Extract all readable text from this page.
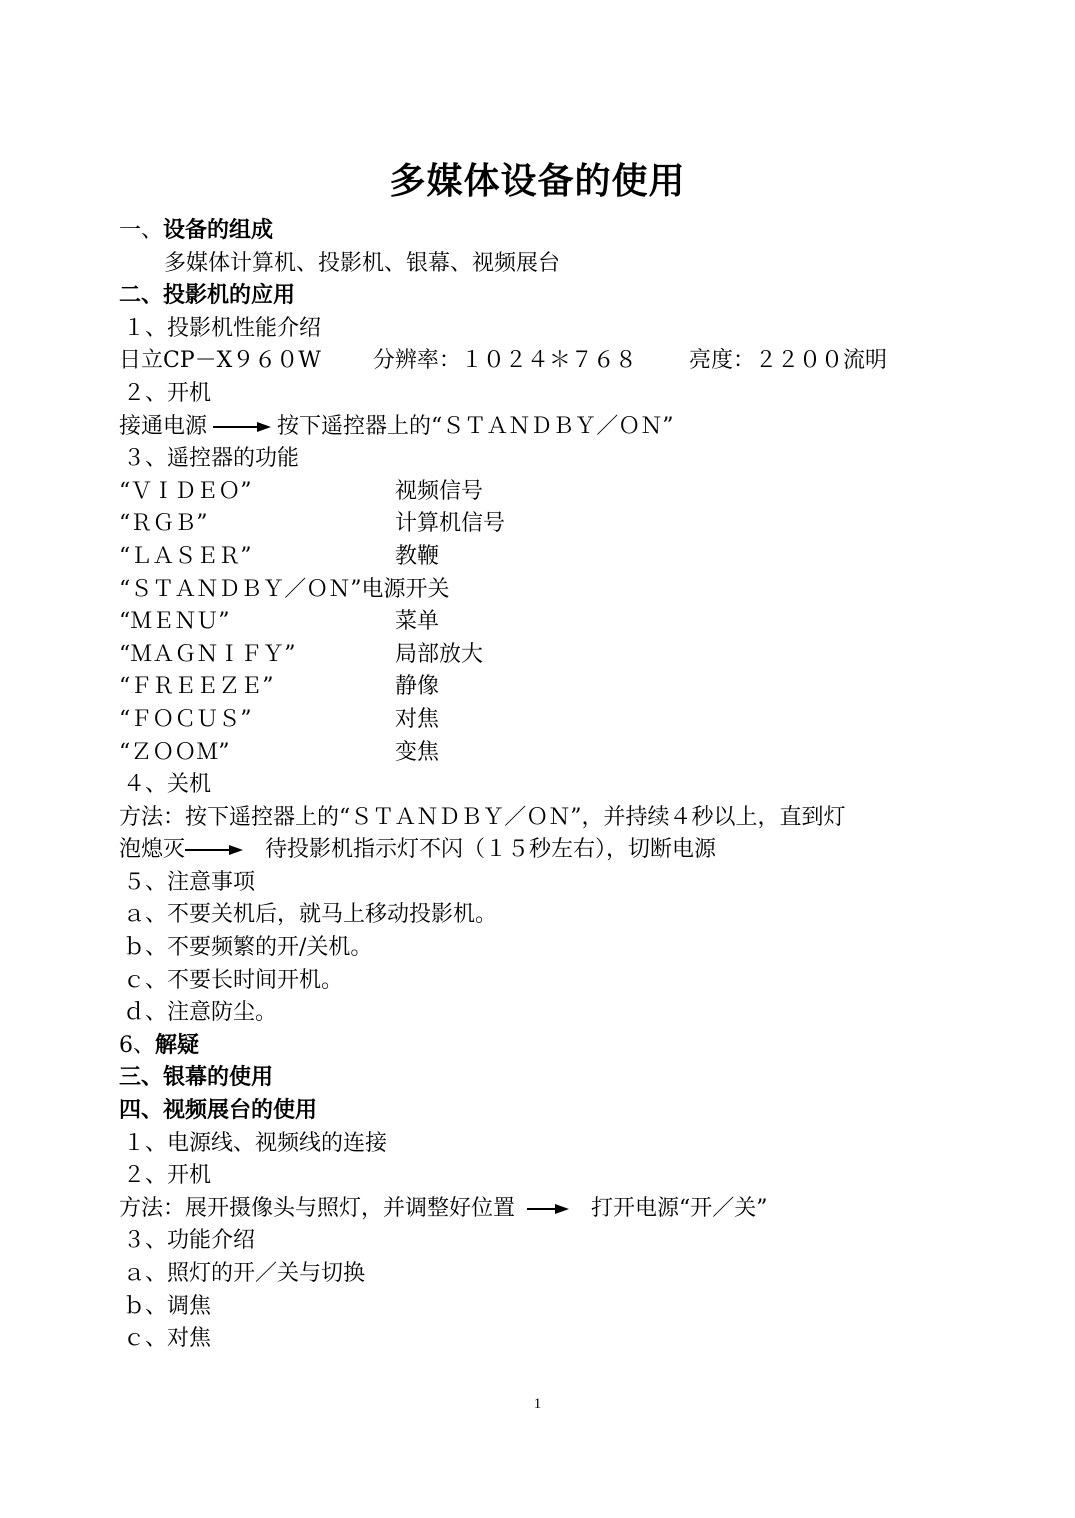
多媒体设备的使用
一、设备的组成
多媒体计算机、投影机、银幕、视频展台
二、投影机的应用
１、投影机性能介绍
日立CP－X９６０W 分辨率：１０２４＊７６８ 亮度：２２００流明
２、开机
接通电源	按下遥控器上的“ＳＴＡＮＤＢＹ／ＯＮ”
３、遥控器的功能
“ＶＩＤＥＯ”	视频信号
“ＲＧＢ”	计算机信号
“ＬＡＳＥＲ”	教鞭
“ＳＴＡＮＤＢＹ／ＯＮ”电源开关
“ＭＥＮＵ”	菜单
“ＭＡＧＮＩＦＹ”	局部放大
“ＦＲＥＥＺＥ”	静像
“ＦＯＣＵＳ”	对焦
“ＺＯＯＭ”	变焦
４、关机
方法：按下遥控器上的“ＳＴＡＮＤＢＹ／ＯＮ”，并持续４秒以上，直到灯
泡熄灭	待投影机指示灯不闪（１５秒左右），切断电源
５、注意事项
ａ、不要关机后，就马上移动投影机。
ｂ、不要频繁的开/关机。
ｃ、不要长时间开机。
ｄ、注意防尘。
6、解疑
三、银幕的使用
四、视频展台的使用
１、电源线、视频线的连接
２、开机
方法：展开摄像头与照灯，并调整好位置	打开电源“开／关”
３、功能介绍
ａ、照灯的开／关与切换
ｂ、调焦
ｃ、对焦
1
